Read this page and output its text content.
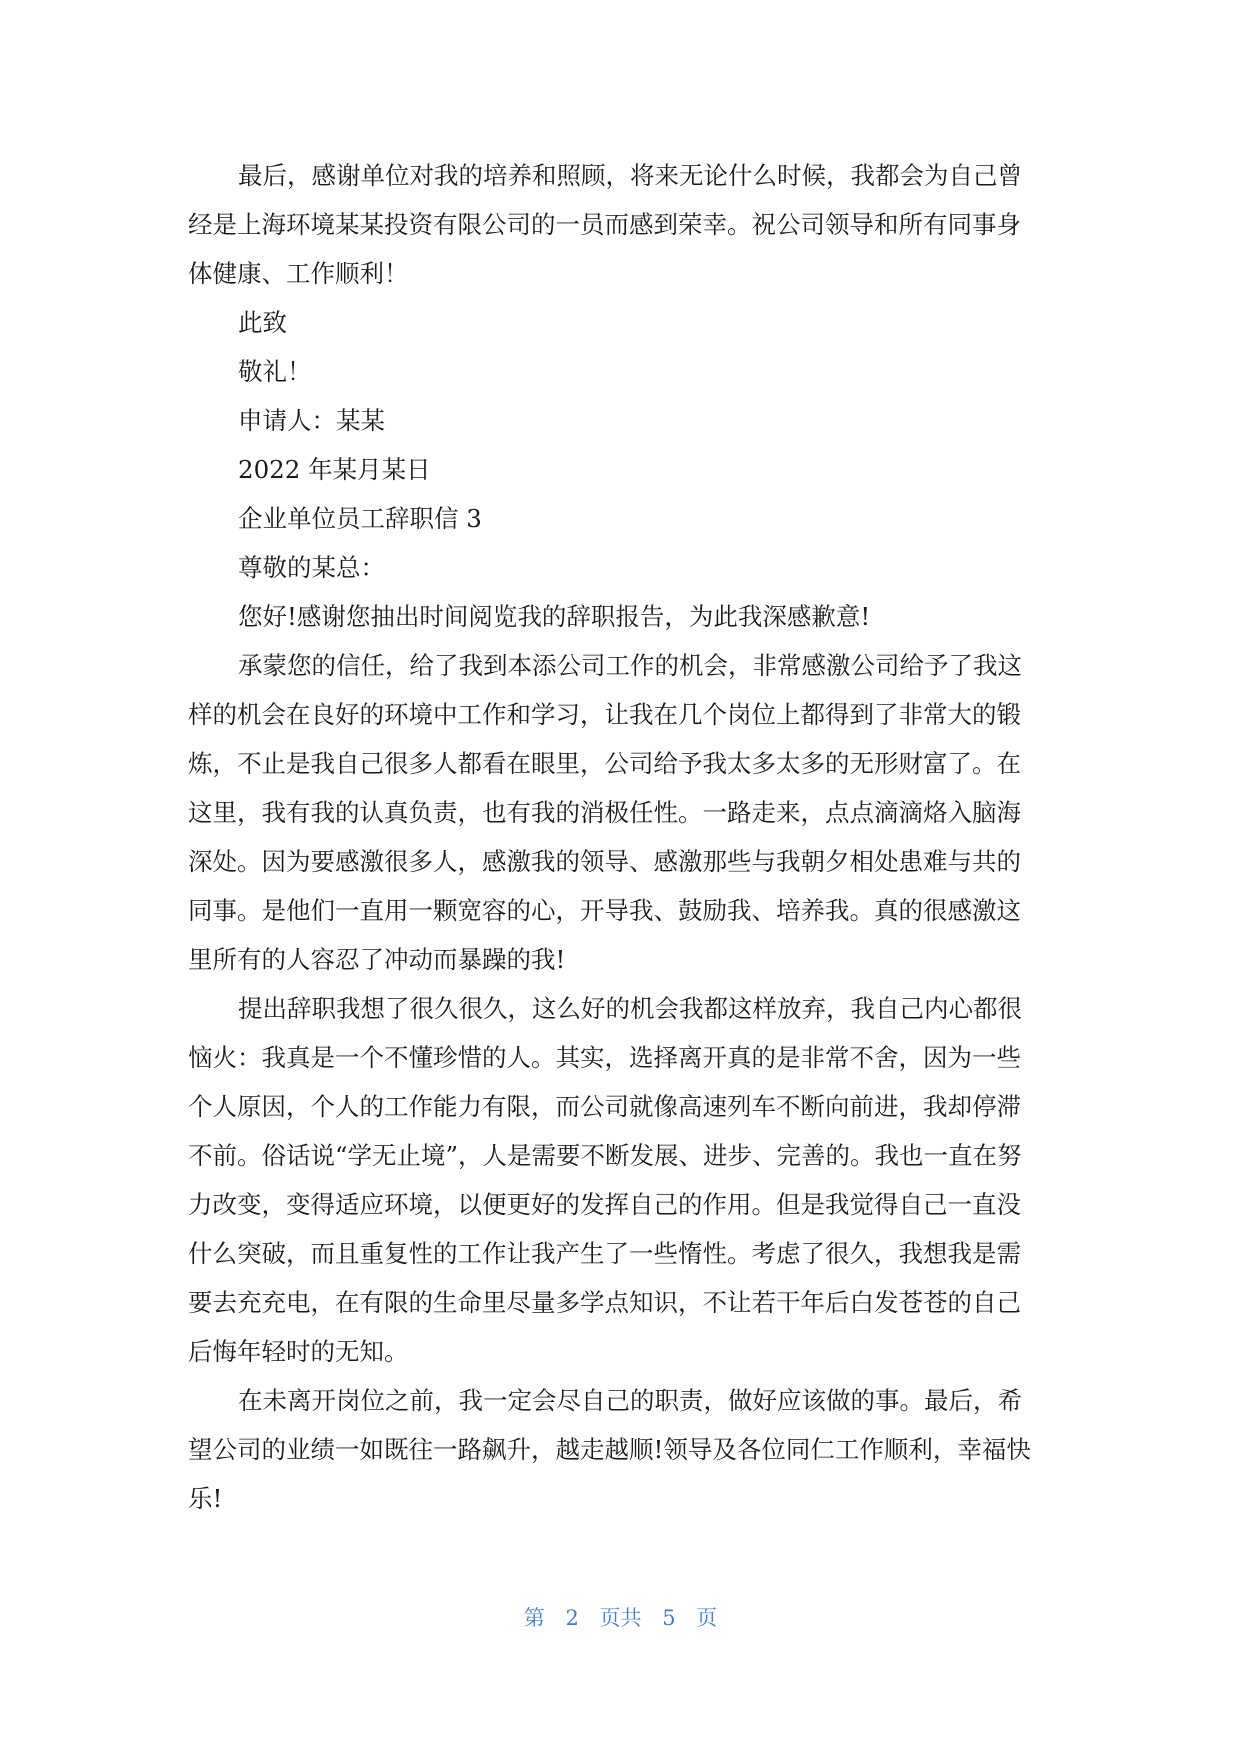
最后，感谢单位对我的培养和照顾，将来无论什么时候，我都会为自己曾
经是上海环境某某投资有限公司的一员而感到荣幸。祝公司领导和所有同事身
体健康、工作顺利！
此致
敬礼！
申请人：某某
2022 年某月某日
企业单位员工辞职信 3
尊敬的某总：
您好!感谢您抽出时间阅览我的辞职报告，为此我深感歉意!
承蒙您的信任，给了我到本添公司工作的机会，非常感激公司给予了我这
样的机会在良好的环境中工作和学习，让我在几个岗位上都得到了非常大的锻
炼，不止是我自己很多人都看在眼里，公司给予我太多太多的无形财富了。在
这里，我有我的认真负责，也有我的消极任性。一路走来，点点滴滴烙入脑海
深处。因为要感激很多人，感激我的领导、感激那些与我朝夕相处患难与共的
同事。是他们一直用一颗宽容的心，开导我、鼓励我、培养我。真的很感激这
里所有的人容忍了冲动而暴躁的我!
提出辞职我想了很久很久，这么好的机会我都这样放弃，我自己内心都很
恼火：我真是一个不懂珍惜的人。其实，选择离开真的是非常不舍，因为一些
个人原因，个人的工作能力有限，而公司就像高速列车不断向前进，我却停滞
不前。俗话说“学无止境”，人是需要不断发展、进步、完善的。我也一直在努
力改变，变得适应环境，以便更好的发挥自己的作用。但是我觉得自己一直没
什么突破，而且重复性的工作让我产生了一些惰性。考虑了很久，我想我是需
要去充充电，在有限的生命里尽量多学点知识，不让若干年后白发苍苍的自己
后悔年轻时的无知。
在未离开岗位之前，我一定会尽自己的职责，做好应该做的事。最后，希
望公司的业绩一如既往一路飙升，越走越顺!领导及各位同仁工作顺利，幸福快
乐!
第 2 页共 5 页
